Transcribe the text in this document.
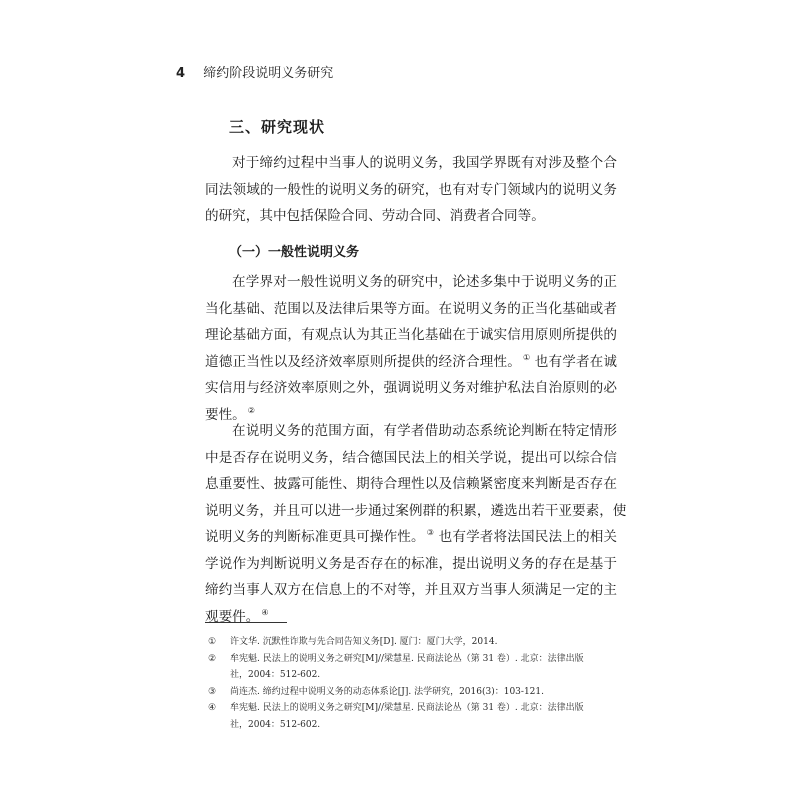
4 缔约阶段说明义务研究
三、研究现状

对于缔约过程中当事人的说明义务，我国学界既有对涉及整个合
同法领域的一般性的说明义务的研究，也有对专门领域内的说明义务
的研究，其中包括保险合同、劳动合同、消费者合同等。

（一）一般性说明义务

在学界对一般性说明义务的研究中，论述多集中于说明义务的正
当化基础、范围以及法律后果等方面。在说明义务的正当化基础或者
理论基础方面，有观点认为其正当化基础在于诚实信用原则所提供的
道德正当性以及经济效率原则所提供的经济合理性。 ① 也有学者在诚
实信用与经济效率原则之外，强调说明义务对维护私法自治原则的必
要性。 ②

在说明义务的范围方面，有学者借助动态系统论判断在特定情形
中是否存在说明义务，结合德国民法上的相关学说，提出可以综合信
息重要性、披露可能性、期待合理性以及信赖紧密度来判断是否存在
说明义务，并且可以进一步通过案例群的积累，遴选出若干亚要素，使
说明义务的判断标准更具可操作性。 ③ 也有学者将法国民法上的相关
学说作为判断说明义务是否存在的标准，提出说明义务的存在是基于
缔约当事人双方在信息上的不对等，并且双方当事人须满足一定的主
观要件。 ④

①	许文华. 沉默性诈欺与先合同告知义务[D]. 厦门：厦门大学，2014.
②	牟宪魁. 民法上的说明义务之研究[M]//梁慧星. 民商法论丛（第 31 卷）. 北京：法律出版
社，2004：512-602.
③	尚连杰. 缔约过程中说明义务的动态体系论[J]. 法学研究，2016(3)：103-121.
④	牟宪魁. 民法上的说明义务之研究[M]//梁慧星. 民商法论丛（第 31 卷）. 北京：法律出版
社，2004：512-602.
